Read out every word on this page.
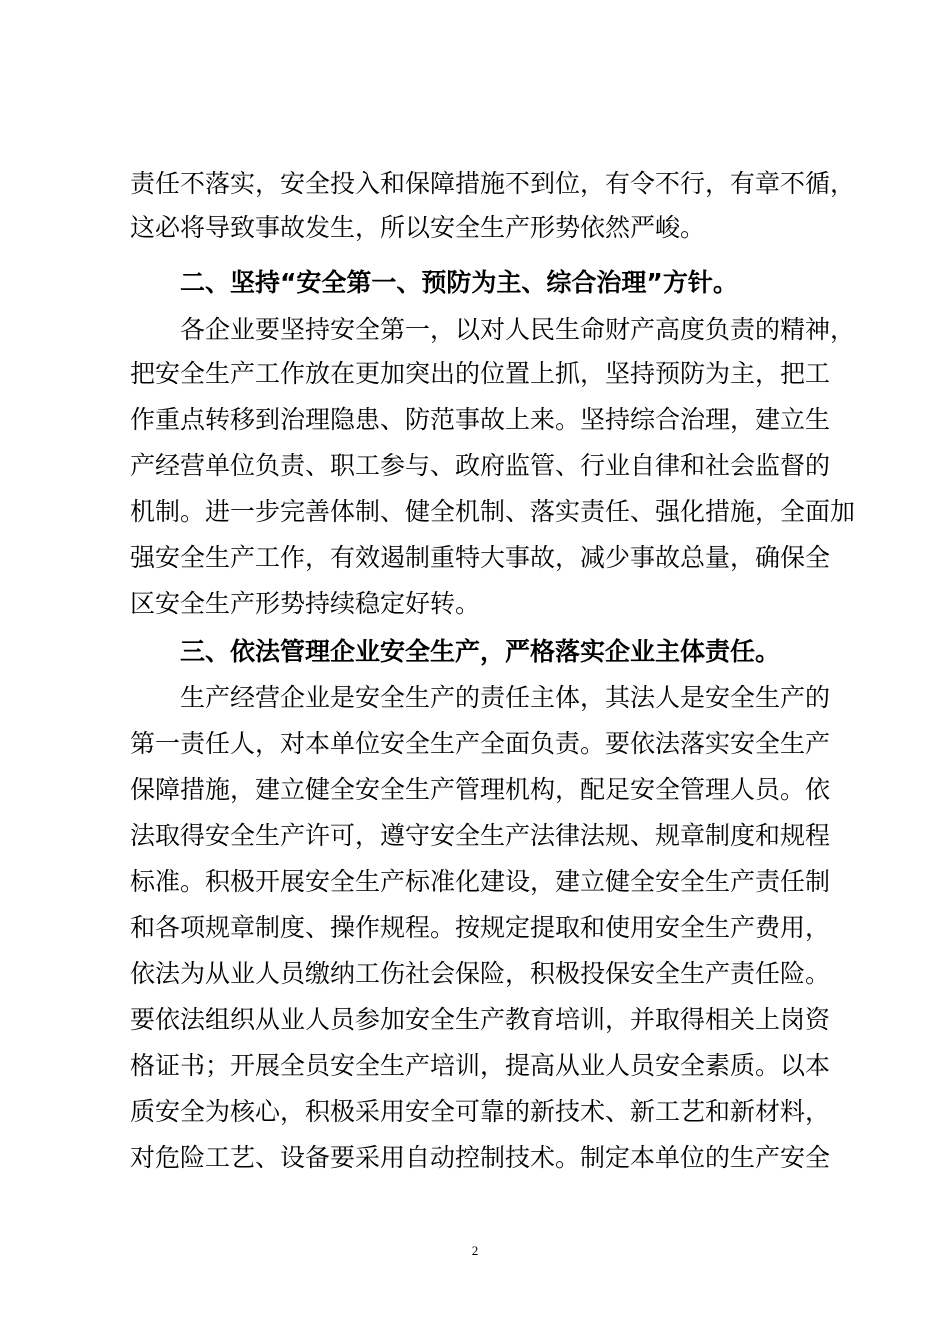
责任不落实，安全投入和保障措施不到位，有令不行，有章不循，
这必将导致事故发生，所以安全生产形势依然严峻。
二、坚持“安全第一、预防为主、综合治理”方针。
各企业要坚持安全第一，以对人民生命财产高度负责的精神，
把安全生产工作放在更加突出的位置上抓，坚持预防为主，把工
作重点转移到治理隐患、防范事故上来。坚持综合治理，建立生
产经营单位负责、职工参与、政府监管、行业自律和社会监督的
机制。进一步完善体制、健全机制、落实责任、强化措施，全面加
强安全生产工作，有效遏制重特大事故，减少事故总量，确保全
区安全生产形势持续稳定好转。
三、依法管理企业安全生产，严格落实企业主体责任。
生产经营企业是安全生产的责任主体，其法人是安全生产的
第一责任人，对本单位安全生产全面负责。要依法落实安全生产
保障措施，建立健全安全生产管理机构，配足安全管理人员。依
法取得安全生产许可，遵守安全生产法律法规、规章制度和规程
标准。积极开展安全生产标准化建设，建立健全安全生产责任制
和各项规章制度、操作规程。按规定提取和使用安全生产费用，
依法为从业人员缴纳工伤社会保险，积极投保安全生产责任险。
要依法组织从业人员参加安全生产教育培训，并取得相关上岗资
格证书；开展全员安全生产培训，提高从业人员安全素质。以本
质安全为核心，积极采用安全可靠的新技术、新工艺和新材料，
对危险工艺、设备要采用自动控制技术。制定本单位的生产安全
2
